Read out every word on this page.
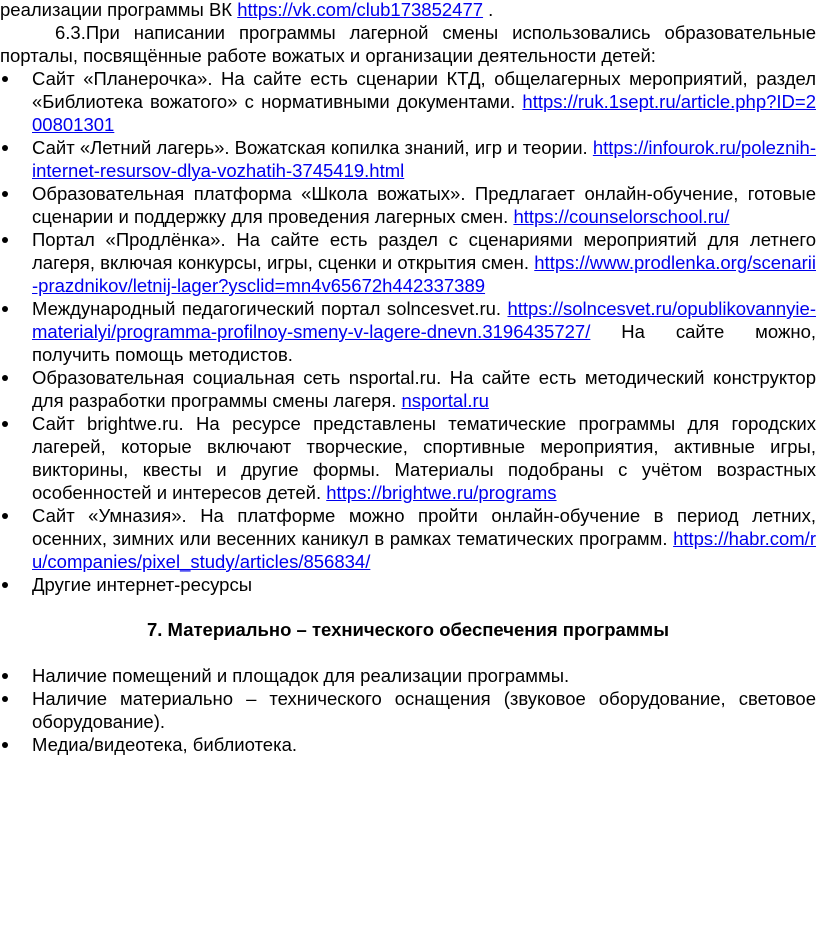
реализации программы ВК https://vk.com/club173852477 .

6.3.При написании программы лагерной смены использовались образовательные порталы, посвящённые работе вожатых и организации деятельности детей:

Сайт «Планерочка». На сайте есть сценарии КТД, общелагерных мероприятий, раздел «Библиотека вожатого» с нормативными документами. https://ruk.1sept.ru/article.php?ID=200801301
Сайт «Летний лагерь». Вожатская копилка знаний, игр и теории. https://infourok.ru/poleznih-internet-resursov-dlya-vozhatih-3745419.html
Образовательная платформа «Школа вожатых». Предлагает онлайн-обучение, готовые сценарии и поддержку для проведения лагерных смен. https://counselorschool.ru/
Портал «Продлёнка». На сайте есть раздел с сценариями мероприятий для летнего лагеря, включая конкурсы, игры, сценки и открытия смен. https://www.prodlenka.org/scenarii-prazdnikov/letnij-lager?ysclid=mn4v65672h442337389
Международный педагогический портал solncesvet.ru. https://solncesvet.ru/opublikovannyie-materialyi/programma-profilnoy-smeny-v-lagere-dnevn.3196435727/ На сайте можно, получить помощь методистов.
Образовательная социальная сеть nsportal.ru. На сайте есть методический конструктор для разработки программы смены лагеря. nsportal.ru
Сайт brightwe.ru. На ресурсе представлены тематические программы для городских лагерей, которые включают творческие, спортивные мероприятия, активные игры, викторины, квесты и другие формы. Материалы подобраны с учётом возрастных особенностей и интересов детей. https://brightwe.ru/programs
Сайт «Умназия». На платформе можно пройти онлайн-обучение в период летних, осенних, зимних или весенних каникул в рамках тематических программ. https://habr.com/ru/companies/pixel_study/articles/856834/
Другие интернет-ресурсы

7. Материально – технического обеспечения программы

Наличие помещений и площадок для реализации программы.
Наличие материально – технического оснащения (звуковое оборудование, световое оборудование).
Медиа/видеотека, библиотека.
